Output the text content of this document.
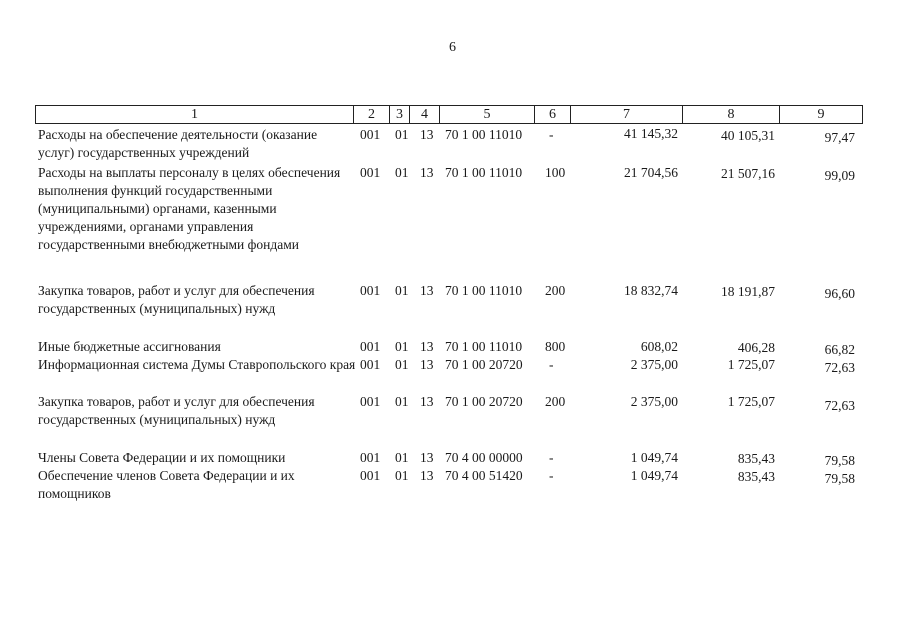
6
1	2	3	4	5	6	7	8	9
Расходы на обеспечение деятельности (оказание услуг) государственных учреждений
001 01 13 70 1 00 11010 -	41 145,32	40 105,31	97,47
Расходы на выплаты персоналу в целях обеспечения выполнения функций государственными (муниципальными) органами, казенными учреждениями, органами управления государственными внебюджетными фондами
001 01 13 70 1 00 11010 100	21 704,56	21 507,16	99,09
Закупка товаров, работ и услуг для обеспечения государственных (муниципальных) нужд
001 01 13 70 1 00 11010 200	18 832,74	18 191,87	96,60
Иные бюджетные ассигнования	001 01 13 70 1 00 11010 800	608,02	406,28	66,82
Информационная система Думы Ставропольского края 001 01 13 70 1 00 20720 -	2 375,00	1 725,07	72,63
Закупка товаров, работ и услуг для обеспечения государственных (муниципальных) нужд
001 01 13 70 1 00 20720 200	2 375,00	1 725,07	72,63
Члены Совета Федерации и их помощники	001 01 13 70 4 00 00000 -	1 049,74	835,43	79,58
Обеспечение членов Совета Федерации и их помощников
001 01 13 70 4 00 51420 -	1 049,74	835,43	79,58
